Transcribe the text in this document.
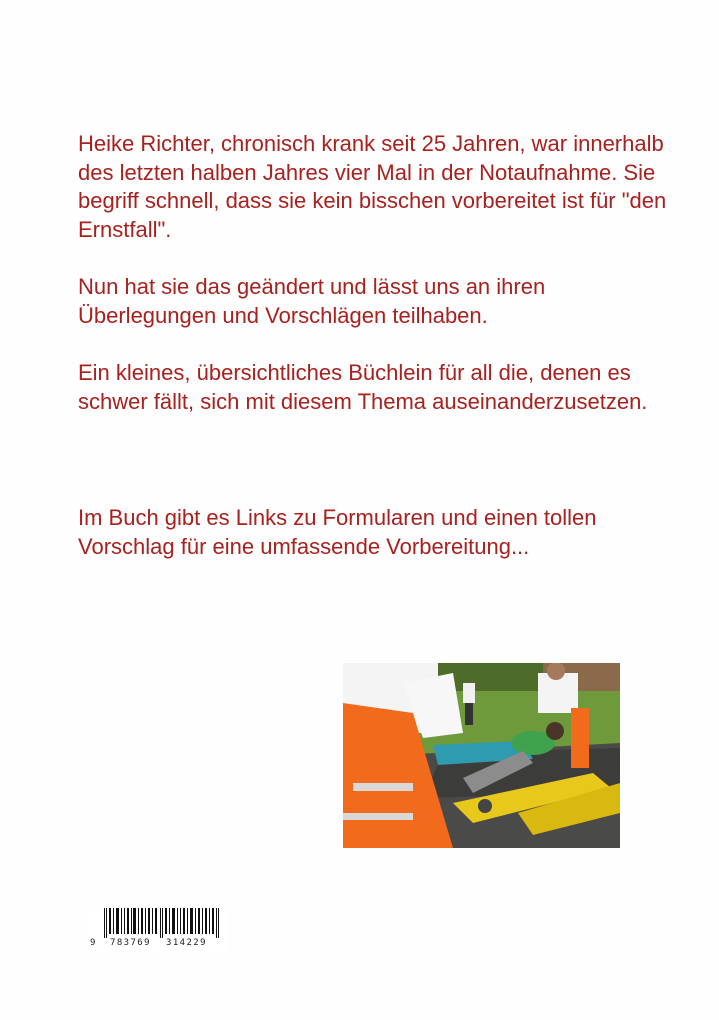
Heike Richter, chronisch krank seit 25 Jahren, war innerhalb des letzten halben Jahres vier Mal in der Notaufnahme. Sie begriff schnell, dass sie kein bisschen vorbereitet ist für "den Ernstfall".

Nun hat sie das geändert und lässt uns an ihren Überlegungen und Vorschlägen teilhaben.

Ein kleines, übersichtliches Büchlein für all die, denen es schwer fällt, sich mit diesem Thema auseinanderzusetzen.

Im Buch gibt es Links zu Formularen und einen tollen Vorschlag für eine umfassende Vorbereitung...

9 783769 314229
